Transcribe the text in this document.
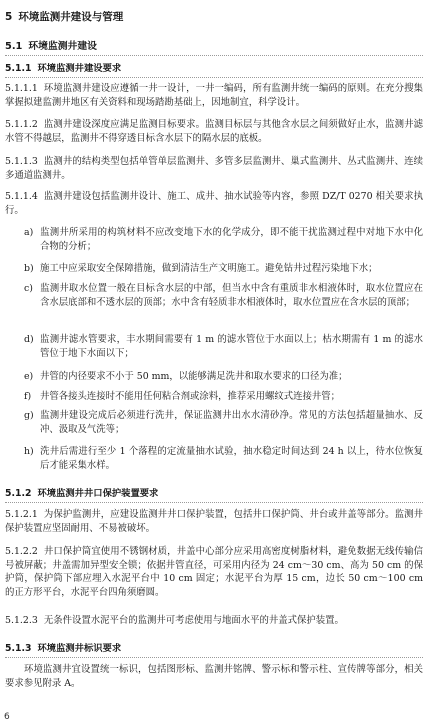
5 环境监测井建设与管理
5.1 环境监测井建设
5.1.1 环境监测井建设要求
5.1.1.1 环境监测井建设应遵循一井一设计，一井一编码，所有监测井统一编码的原则。在充分搜集掌握拟建监测井地区有关资料和现场踏勘基础上，因地制宜，科学设计。
5.1.1.2 监测井建设深度应满足监测目标要求。监测目标层与其他含水层之间须做好止水，监测井滤水管不得越层，监测井不得穿透目标含水层下的隔水层的底板。
5.1.1.3 监测井的结构类型包括单管单层监测井、多管多层监测井、巢式监测井、丛式监测井、连续多通道监测井。
5.1.1.4 监测井建设包括监测井设计、施工、成井、抽水试验等内容，参照 DZ/T 0270 相关要求执行。
a) 监测井所采用的构筑材料不应改变地下水的化学成分，即不能干扰监测过程中对地下水中化合物的分析；
b) 施工中应采取安全保障措施，做到清洁生产文明施工。避免钻井过程污染地下水；
c) 监测井取水位置一般在目标含水层的中部，但当水中含有重质非水相液体时，取水位置应在含水层底部和不透水层的顶部；水中含有轻质非水相液体时，取水位置应在含水层的顶部；
d) 监测井滤水管要求，丰水期间需要有 1 m 的滤水管位于水面以上；枯水期需有 1 m 的滤水管位于地下水面以下；
e) 井管的内径要求不小于 50 mm，以能够满足洗井和取水要求的口径为准；
f) 井管各接头连接时不能用任何粘合剂或涂料，推荐采用螺纹式连接井管；
g) 监测井建设完成后必须进行洗井，保证监测井出水水清砂净。常见的方法包括超量抽水、反冲、汲取及气洗等；
h) 洗井后需进行至少 1 个落程的定流量抽水试验，抽水稳定时间达到 24 h 以上，待水位恢复后才能采集水样。
5.1.2 环境监测井井口保护装置要求
5.1.2.1 为保护监测井，应建设监测井井口保护装置，包括井口保护筒、井台或井盖等部分。监测井保护装置应坚固耐用、不易被破坏。
5.1.2.2 井口保护筒宜使用不锈钢材质，井盖中心部分应采用高密度树脂材料，避免数据无线传输信号被屏蔽；井盖需加异型安全锁；依据井管直径，可采用内径为 24 cm～30 cm、高为 50 cm 的保护筒，保护筒下部应埋入水泥平台中 10 cm 固定；水泥平台为厚 15 cm，边长 50 cm～100 cm 的正方形平台，水泥平台四角须磨圆。
5.1.2.3 无条件设置水泥平台的监测井可考虑使用与地面水平的井盖式保护装置。
5.1.3 环境监测井标识要求
环境监测井宜设置统一标识，包括图形标、监测井铭牌、警示标和警示柱、宣传牌等部分，相关要求参见附录 A。
6
